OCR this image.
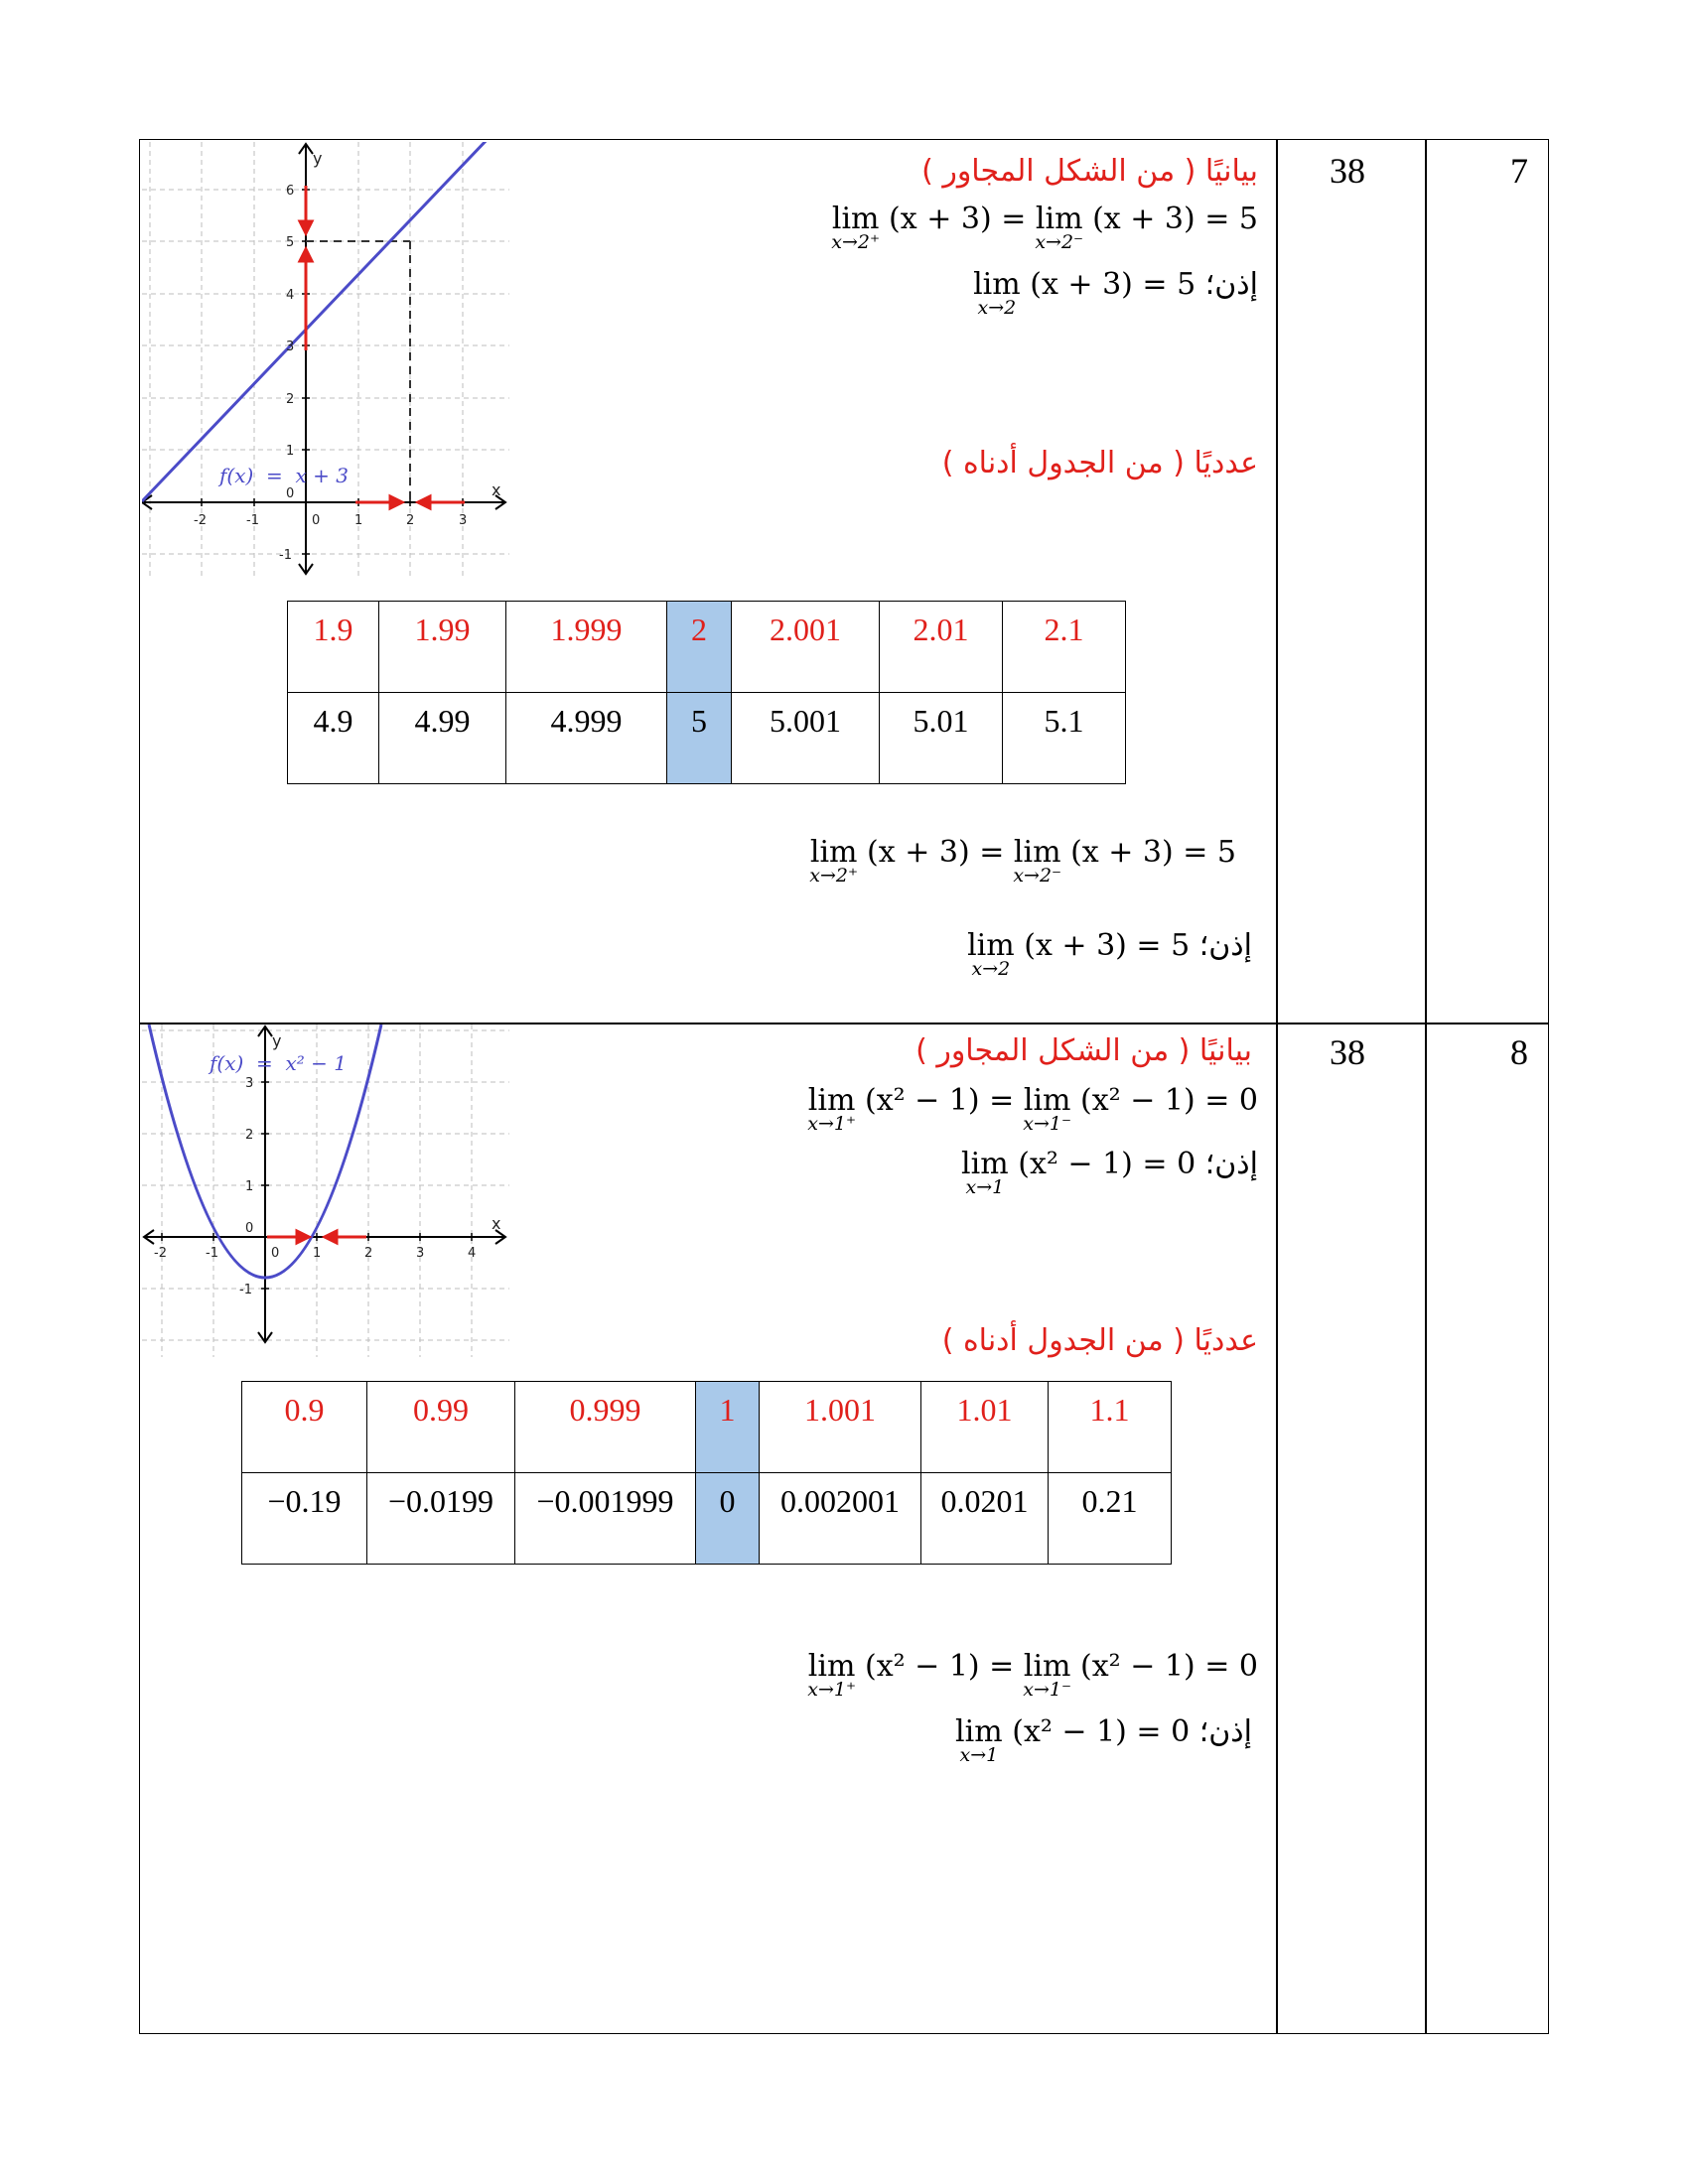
7
38
بيانيًا ( من الشكل المجاور )
lim
x→2⁺
(x + 3) = lim
x→2⁻
(x + 3) = 5
lim
x→2
(x + 3) = 5 إذن؛
عدديًا ( من الجدول أدناه )
1.9	1.99	1.999	2	2.001	2.01	2.1
4.9	4.99	4.999	5	5.001	5.01	5.1
lim
x→2⁺
(x + 3) = lim
x→2⁻
(x + 3) = 5
lim
x→2
(x + 3) = 5 إذن؛
-2	-1	0	1	2	3
6
5
4
3
2
1
0
-1
x
y
f(x)  =  x + 3
8
38
بيانيًا ( من الشكل المجاور )
lim
x→1⁺
(x² − 1) = lim
x→1⁻
(x² − 1) = 0
lim
x→1
(x² − 1) = 0 إذن؛
عدديًا ( من الجدول أدناه )
0.9	0.99	0.999	1	1.001	1.01	1.1
−0.19	−0.0199	−0.001999	0	0.002001	0.0201	0.21
lim
x→1⁺
(x² − 1) = lim
x→1⁻
(x² − 1) = 0
lim
x→1
(x² − 1) = 0 إذن؛
-2	-1	0	1	2	3	4
3
2
1
0
-1
x
y
f(x)  =  x² − 1
